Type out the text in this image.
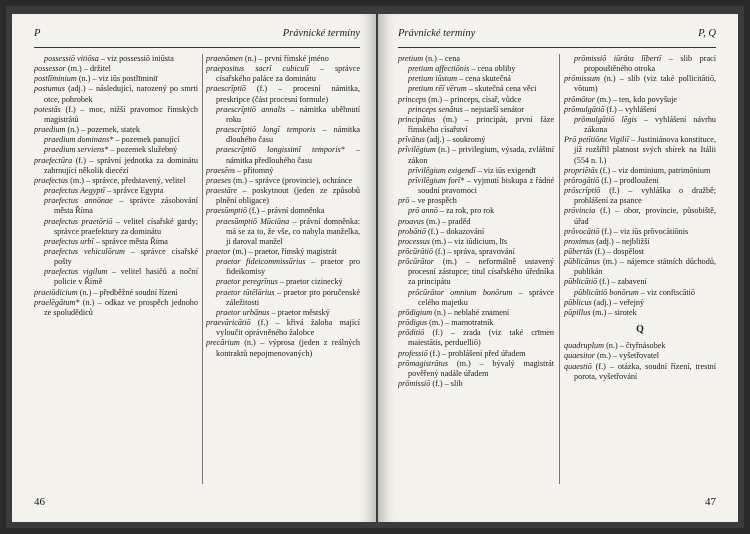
P	Právnické termíny

possessiō vitiōsa – viz possessiō iniūsta

possessor (m.) – držitel

postlīminium (n.) – viz iūs postlīminiī

postumus (adj.) – následující, narozený po smrti otce, pohrobek

potestās (f.) – moc, nižší pravomoc římských magistrátů

praedium (n.) – pozemek, statek

praedium dominans* – pozemek panující

praedium serviens* – pozemek služebný

praefectūra (f.) – správní jednotka za dominátu zahrnující několik diecézí

praefectus (m.) – správce, představený, velitel

praefectus Aegyptī – správce Egypta

praefectus annōnae – správce zásobování města Říma

praefectus praetōriō – velitel císařské gardy; správce praefektury za dominátu

praefectus urbī – správce města Říma

praefectus vehiculōrum – správce císařské pošty

praefectus vigilum – velitel hasičů a noční policie v Římě

praeiūdicium (n.) – předběžné soudní řízení

praelēgātum* (n.) – odkaz ve prospěch jednoho ze spoludědiců

praenōmen (n.) – první římské jméno

praepositus sacrī cubiculī – správce císařského paláce za dominátu

praescrīptiō (f.) – procesní námitka, preskripce (část procesní formule)

praescrīptiō annalis – námitka uběhnutí roku

praescrīptiō longī temporis – námitka dlouhého času

praescrīptiō longissimī temporis* – námitka předlouhého času

praesēns – přítomný

praeses (m.) – správce (provincie), ochránce

praestāre – poskytnout (jeden ze způsobů plnění obligace)

praesūmptiō (f.) – právní domněnka

praesūmptiō Mūciāna – právní domněnka: má se za to, že vše, co nabyla manželka, ji daroval manžel

praetor (m.) – praetor, římský magistrát

praetor fideicommissārius – praetor pro fideikomisy

praetor peregrīnus – praetor cizinecký

praetor tūtēlārius – praetor pro poručenské záležitosti

praetor urbānus – praetor městský

praevāricātiō (f.) – křivá žaloba mající vyloučit oprávněného žalobce

precārium (n.) – výprosa (jeden z reálných kontraktů nepojmenovaných)

46
Právnické termíny	P, Q

pretium (n.) – cena

pretium affectiōnis – cena obliby

pretium iūstum – cena skutečná

pretium rēī vērum – skutečná cena věci

princeps (m.) – princeps, císař, vůdce

princeps senātus – nejstarší senátor

principātus (m.) – principát, první fáze římského císařství

prīvātus (adj.) – soukromý

prīvilēgium (n.) – privilegium, výsada, zvláštní zákon

prīvilēgium exigendī – viz iūs exigendī

prīvilēgium forī* – vyjmutí biskupa z řádné soudní pravomoci

prō – ve prospěch

prō annō – za rok, pro rok

proavus (m.) – praděd

probātiō (f.) – dokazování

processus (m.) – viz iūdicium, līs

prōcūrātiō (f.) – správa, spravování

prōcūrātor (m.) – neformálně ustavený procesní zástupce; titul císařského úředníka za principátu

prōcūrātor omnium bonōrum – správce celého majetku

prōdigium (n.) – neblahé znamení

prōdigus (m.) – marnotratník

prōditiō (f.) – zrada (viz také crīmen maiestātis, perduelliō)

professiō (f.) – prohlášení před úřadem

prōmagistrātus (m.) – bývalý magistrát pověřený nadále úřadem

prōmissiō (f.) – slib

prōmissiō iūrāta lībertī – slib prací propouštěného otroka

prōmissum (n.) – slib (viz také pollicitātiō, vōtum)

prōmōtor (m.) – ten, kdo povyšuje

prōmulgātiō (f.) – vyhlášení

prōmulgātiō lēgis – vyhlášení návrhu zákona

Prō petītiōne Vigiliī – Justiniánova konstituce, jíž rozšířil platnost svých sbírek na Itálii (554 n. l.)

propriētās (f.) – viz dominium, patrimōnium

prōrogātiō (f.) – prodloužení

prōscrīptiō (f.) – vyhláška o dražbě; prohlášení za psance

prōvincia (f.) – obor, provincie, působiště, úřad

prōvocātiō (f.) – viz iūs prōvocātiōnis

proximus (adj.) – nejbližší

pūbertās (f.) – dospělost

pūblicānus (m.) – nájemce státních důchodů, publikán

pūblicātiō (f.) – zabavení

pūblicātiō bonōrum – viz confiscātiō

pūblicus (adj.) – veřejný

pūpillus (m.) – sirotek

Q

quadruplum (n.) – čtyřnásobek

quaesitor (m.) – vyšetřovatel

quaestiō (f.) – otázka, soudní řízení, trestní porota, vyšetřování

47
